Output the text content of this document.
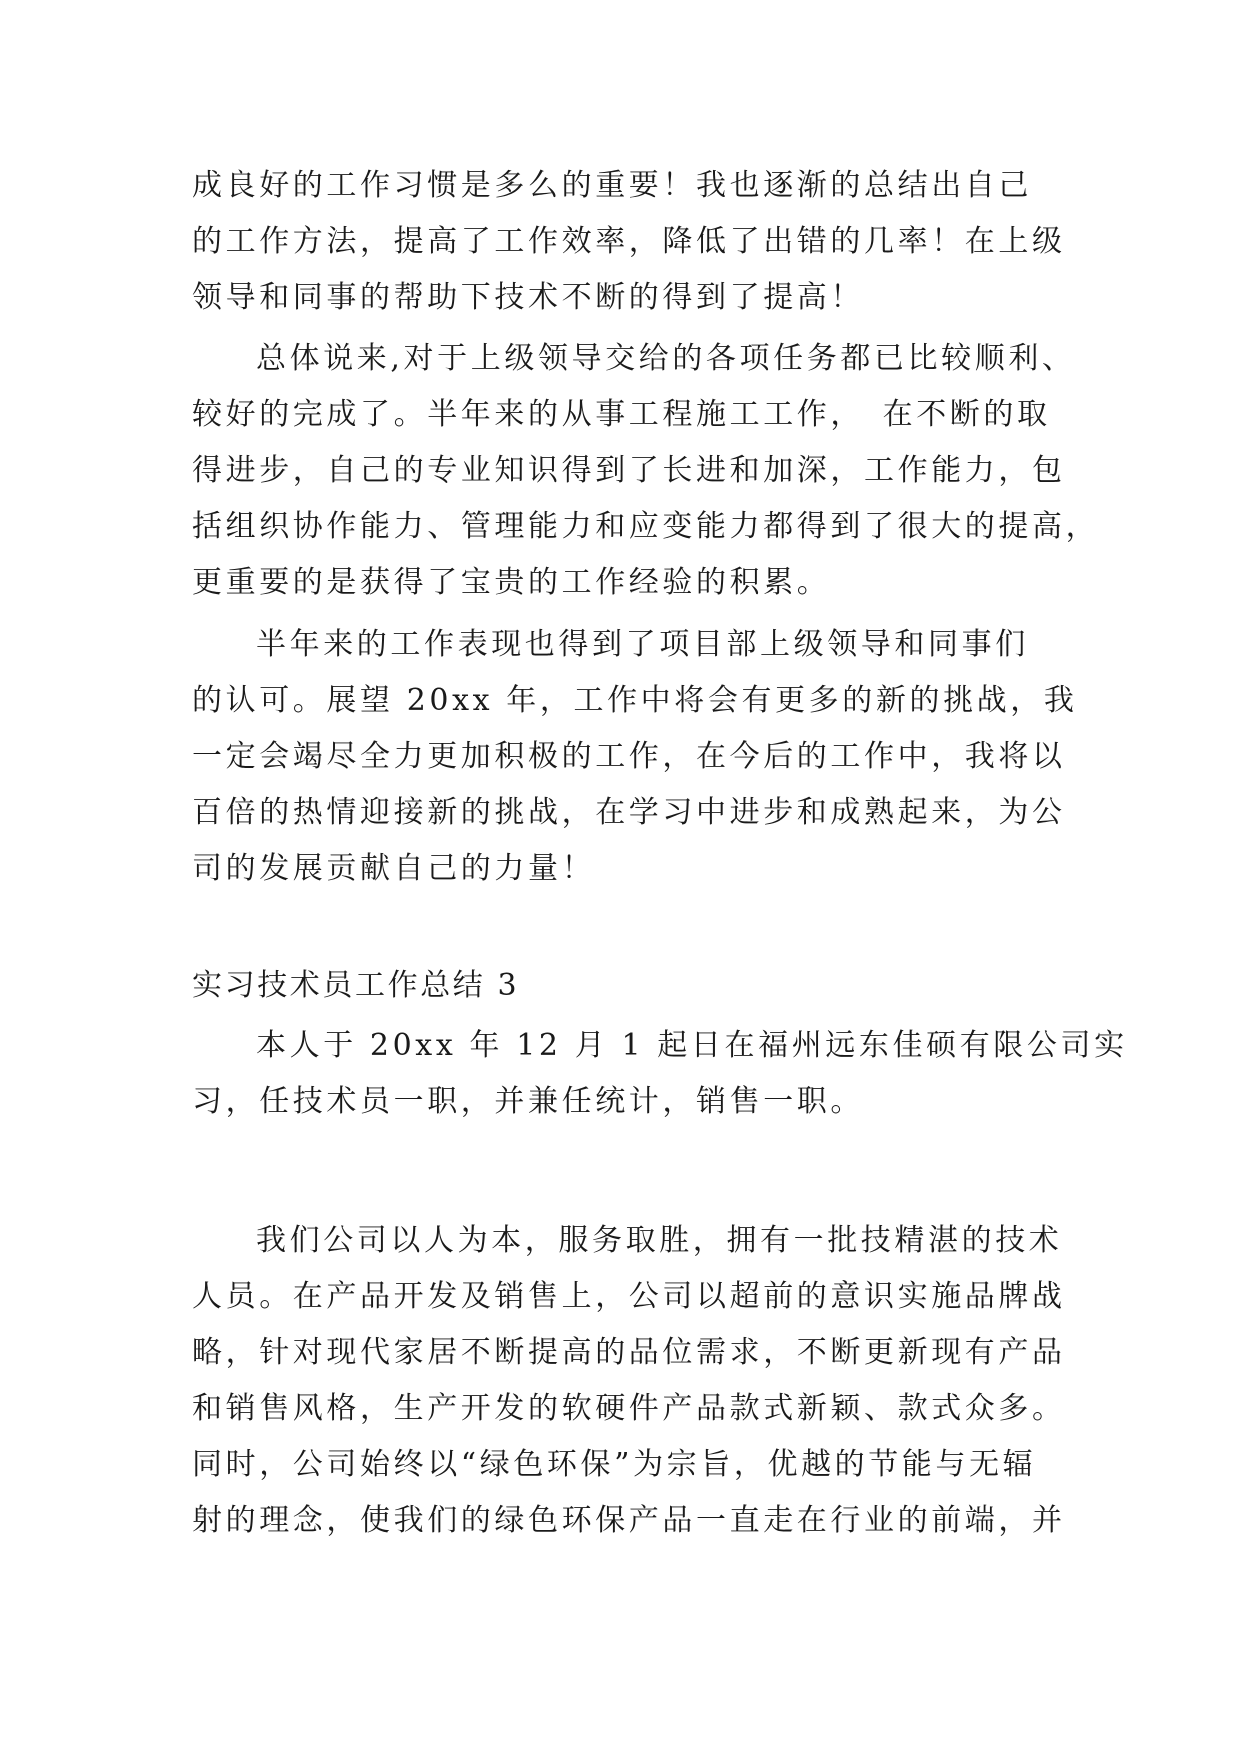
成良好的工作习惯是多么的重要！我也逐渐的总结出自己

的工作方法，提高了工作效率，降低了出错的几率！在上级

领导和同事的帮助下技术不断的得到了提高！

总体说来,对于上级领导交给的各项任务都已比较顺利、

较好的完成了。半年来的从事工程施工工作，　在不断的取

得进步，自己的专业知识得到了长进和加深，工作能力，包

括组织协作能力、管理能力和应变能力都得到了很大的提高，

更重要的是获得了宝贵的工作经验的积累。

半年来的工作表现也得到了项目部上级领导和同事们

的认可。展望 20xx 年，工作中将会有更多的新的挑战，我

一定会竭尽全力更加积极的工作，在今后的工作中，我将以

百倍的热情迎接新的挑战，在学习中进步和成熟起来，为公

司的发展贡献自己的力量！

实习技术员工作总结 3

本人于 20xx 年 12 月 1 起日在福州远东佳硕有限公司实

习，任技术员一职，并兼任统计，销售一职。

我们公司以人为本，服务取胜，拥有一批技精湛的技术

人员。在产品开发及销售上，公司以超前的意识实施品牌战

略，针对现代家居不断提高的品位需求，不断更新现有产品

和销售风格，生产开发的软硬件产品款式新颖、款式众多。

同时，公司始终以“绿色环保”为宗旨，优越的节能与无辐

射的理念，使我们的绿色环保产品一直走在行业的前端，并
